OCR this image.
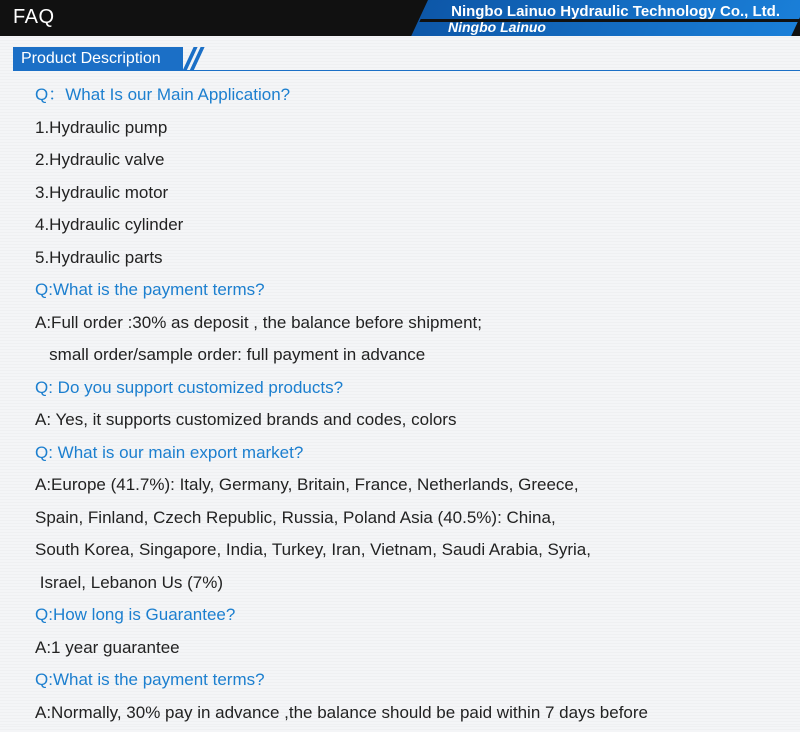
FAQ	Ningbo Lainuo Hydraulic Technology Co., Ltd.
Ningbo Lainuo
Product Description
Q：What Is our Main Application?
1.Hydraulic pump
2.Hydraulic valve
3.Hydraulic motor
4.Hydraulic cylinder
5.Hydraulic parts
Q:What is the payment terms?
A:Full order :30% as deposit , the balance before shipment;
small order/sample order: full payment in advance
Q: Do you support customized products?
A: Yes, it supports customized brands and codes, colors
Q: What is our main export market?
A:Europe (41.7%): Italy, Germany, Britain, France, Netherlands, Greece,
Spain, Finland, Czech Republic, Russia, Poland Asia (40.5%): China,
South Korea, Singapore, India, Turkey, Iran, Vietnam, Saudi Arabia, Syria,
Israel, Lebanon Us (7%)
Q:How long is Guarantee?
A:1 year guarantee
Q:What is the payment terms?
A:Normally, 30% pay in advance ,the balance should be paid within 7 days before
